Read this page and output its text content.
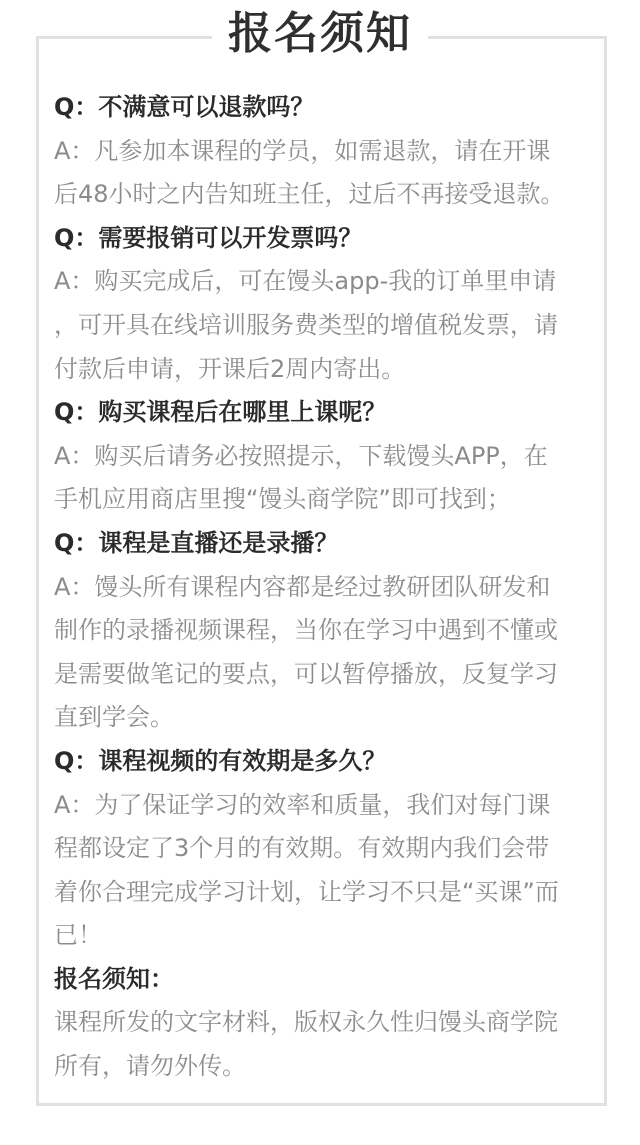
报名须知
Q：不满意可以退款吗？
A：凡参加本课程的学员，如需退款，请在开课
后48小时之内告知班主任，过后不再接受退款。
Q：需要报销可以开发票吗？
A：购买完成后，可在馒头app-我的订单里申请
，可开具在线培训服务费类型的增值税发票，请
付款后申请，开课后2周内寄出。
Q：购买课程后在哪里上课呢？
A：购买后请务必按照提示，下载馒头APP，在
手机应用商店里搜“馒头商学院”即可找到；
Q：课程是直播还是录播？
A：馒头所有课程内容都是经过教研团队研发和
制作的录播视频课程，当你在学习中遇到不懂或
是需要做笔记的要点，可以暂停播放，反复学习
直到学会。
Q：课程视频的有效期是多久？
A：为了保证学习的效率和质量，我们对每门课
程都设定了3个月的有效期。有效期内我们会带
着你合理完成学习计划，让学习不只是“买课”而
已！
报名须知：
课程所发的文字材料，版权永久性归馒头商学院
所有，请勿外传。
